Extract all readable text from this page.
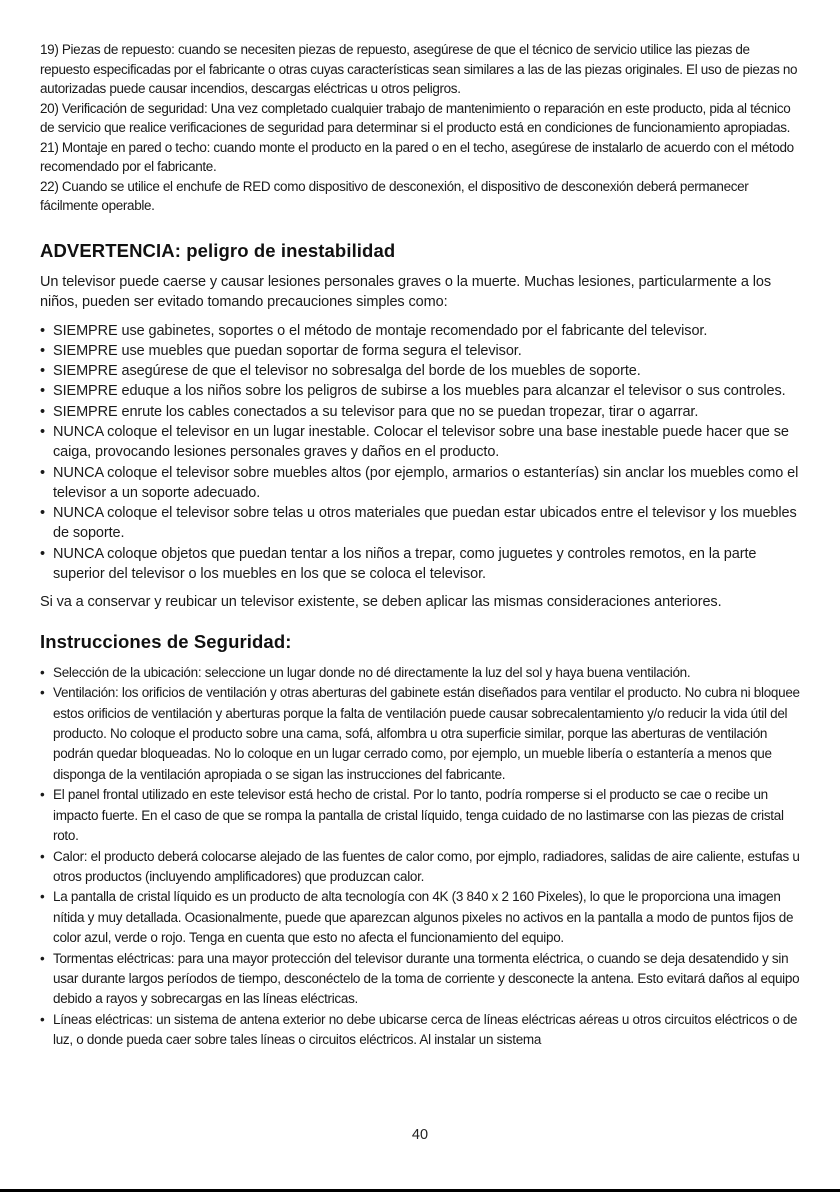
19) Piezas de repuesto: cuando se necesiten piezas de repuesto, asegúrese de que el técnico de servicio utilice las piezas de repuesto especificadas por el fabricante o otras cuyas características sean similares a las de las piezas originales. El uso de piezas no autorizadas puede causar incendios, descargas eléctricas u otros peligros.

20) Verificación de seguridad: Una vez completado cualquier trabajo de mantenimiento o reparación en este producto, pida al técnico de servicio que realice verificaciones de seguridad para determinar si el producto está en condiciones de funcionamiento apropiadas.

21) Montaje en pared o techo: cuando monte el producto en la pared o en el techo, asegúrese de instalarlo de acuerdo con el método recomendado por el fabricante.

22) Cuando se utilice el enchufe de RED como dispositivo de desconexión, el dispositivo de desconexión deberá permanecer fácilmente operable.

ADVERTENCIA: peligro de inestabilidad

Un televisor puede caerse y causar lesiones personales graves o la muerte. Muchas lesiones, particularmente a los niños, pueden ser evitado tomando precauciones simples como:

• SIEMPRE use gabinetes, soportes o el método de montaje recomendado por el fabricante del televisor.
• SIEMPRE use muebles que puedan soportar de forma segura el televisor.
• SIEMPRE asegúrese de que el televisor no sobresalga del borde de los muebles de soporte.
• SIEMPRE eduque a los niños sobre los peligros de subirse a los muebles para alcanzar el televisor o sus controles.
• SIEMPRE enrute los cables conectados a su televisor para que no se puedan tropezar, tirar o agarrar.
• NUNCA coloque el televisor en un lugar inestable. Colocar el televisor sobre una base inestable puede hacer que se caiga, provocando lesiones personales graves y daños en el producto.
• NUNCA coloque el televisor sobre muebles altos (por ejemplo, armarios o estanterías) sin anclar los muebles como el televisor a un soporte adecuado.
• NUNCA coloque el televisor sobre telas u otros materiales que puedan estar ubicados entre el televisor y los muebles de soporte.
• NUNCA coloque objetos que puedan tentar a los niños a trepar, como juguetes y controles remotos, en la parte superior del televisor o los muebles en los que se coloca el televisor.

Si va a conservar y reubicar un televisor existente, se deben aplicar las mismas consideraciones anteriores.

Instrucciones de Seguridad:
• Selección de la ubicación: seleccione un lugar donde no dé directamente la luz del sol y haya buena ventilación.
• Ventilación: los orificios de ventilación y otras aberturas del gabinete están diseñados para ventilar el producto. No cubra ni bloquee estos orificios de ventilación y aberturas porque la falta de ventilación puede causar sobrecalentamiento y/o reducir la vida útil del producto. No coloque el producto sobre una cama, sofá, alfombra u otra superficie similar, porque las aberturas de ventilación podrán quedar bloqueadas. No lo coloque en un lugar cerrado como, por ejemplo, un mueble libería o estantería a menos que disponga de la ventilación apropiada o se sigan las instrucciones del fabricante.
• El panel frontal utilizado en este televisor está hecho de cristal. Por lo tanto, podría romperse si el producto se cae o recibe un impacto fuerte. En el caso de que se rompa la pantalla de cristal líquido, tenga cuidado de no lastimarse con las piezas de cristal roto.
• Calor: el producto deberá colocarse alejado de las fuentes de calor como, por ejmplo, radiadores, salidas de aire caliente, estufas u otros productos (incluyendo amplificadores) que produzcan calor.
• La pantalla de cristal líquido es un producto de alta tecnología con 4K (3 840 x 2 160 Pixeles), lo que le proporciona una imagen nítida y muy detallada. Ocasionalmente, puede que aparezcan algunos pixeles no activos en la pantalla a modo de puntos fijos de color azul, verde o rojo. Tenga en cuenta que esto no afecta el funcionamiento del equipo.
• Tormentas eléctricas: para una mayor protección del televisor durante una tormenta eléctrica, o cuando se deja desatendido y sin usar durante largos períodos de tiempo, desconéctelo de la toma de corriente y desconecte la antena. Esto evitará daños al equipo debido a rayos y sobrecargas en las líneas eléctricas.
• Líneas eléctricas: un sistema de antena exterior no debe ubicarse cerca de líneas eléctricas aéreas u otros circuitos eléctricos o de luz, o donde pueda caer sobre tales líneas o circuitos eléctricos. Al instalar un sistema
40
